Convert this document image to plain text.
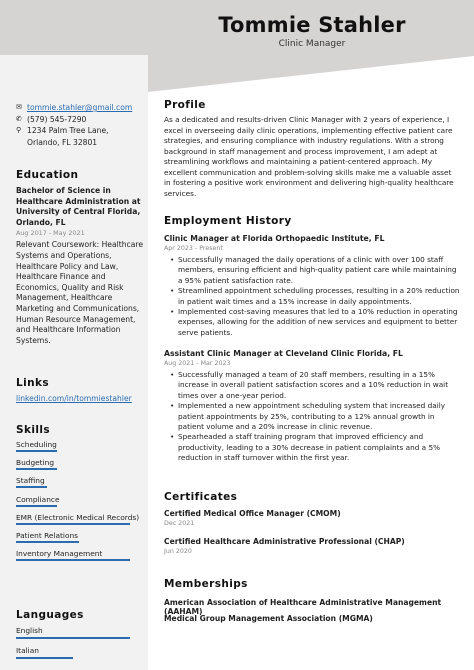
Tommie Stahler
Clinic Manager
✉ tommie.stahler@gmail.com
✆ (579) 545-7290
⚲ 1234 Palm Tree Lane,
Orlando, FL 32801
Education
Bachelor of Science in Healthcare Administration at University of Central Florida, Orlando, FL
Aug 2017 - May 2021
Relevant Coursework: Healthcare Systems and Operations, Healthcare Policy and Law, Healthcare Finance and Economics, Quality and Risk Management, Healthcare Marketing and Communications, Human Resource Management, and Healthcare Information Systems.
Links
linkedin.com/in/tommiestahler
Skills
Scheduling
Budgeting
Staffing
Compliance
EMR (Electronic Medical Records)
Patient Relations
Inventory Management
Languages
English
Italian
Profile
As a dedicated and results-driven Clinic Manager with 2 years of experience, I excel in overseeing daily clinic operations, implementing effective patient care strategies, and ensuring compliance with industry regulations. With a strong background in staff management and process improvement, I am adept at streamlining workflows and maintaining a patient-centered approach. My excellent communication and problem-solving skills make me a valuable asset in fostering a positive work environment and delivering high-quality healthcare services.
Employment History
Clinic Manager at Florida Orthopaedic Institute, FL
Apr 2023 - Present
• Successfully managed the daily operations of a clinic with over 100 staff members, ensuring efficient and high-quality patient care while maintaining a 95% patient satisfaction rate.
• Streamlined appointment scheduling processes, resulting in a 20% reduction in patient wait times and a 15% increase in daily appointments.
• Implemented cost-saving measures that led to a 10% reduction in operating expenses, allowing for the addition of new services and equipment to better serve patients.
Assistant Clinic Manager at Cleveland Clinic Florida, FL
Aug 2021 - Mar 2023
• Successfully managed a team of 20 staff members, resulting in a 15% increase in overall patient satisfaction scores and a 10% reduction in wait times over a one-year period.
• Implemented a new appointment scheduling system that increased daily patient appointments by 25%, contributing to a 12% annual growth in patient volume and a 20% increase in clinic revenue.
• Spearheaded a staff training program that improved efficiency and productivity, leading to a 30% decrease in patient complaints and a 5% reduction in staff turnover within the first year.
Certificates
Certified Medical Office Manager (CMOM)
Dec 2021
Certified Healthcare Administrative Professional (CHAP)
Jun 2020
Memberships
American Association of Healthcare Administrative Management (AAHAM)
Medical Group Management Association (MGMA)
